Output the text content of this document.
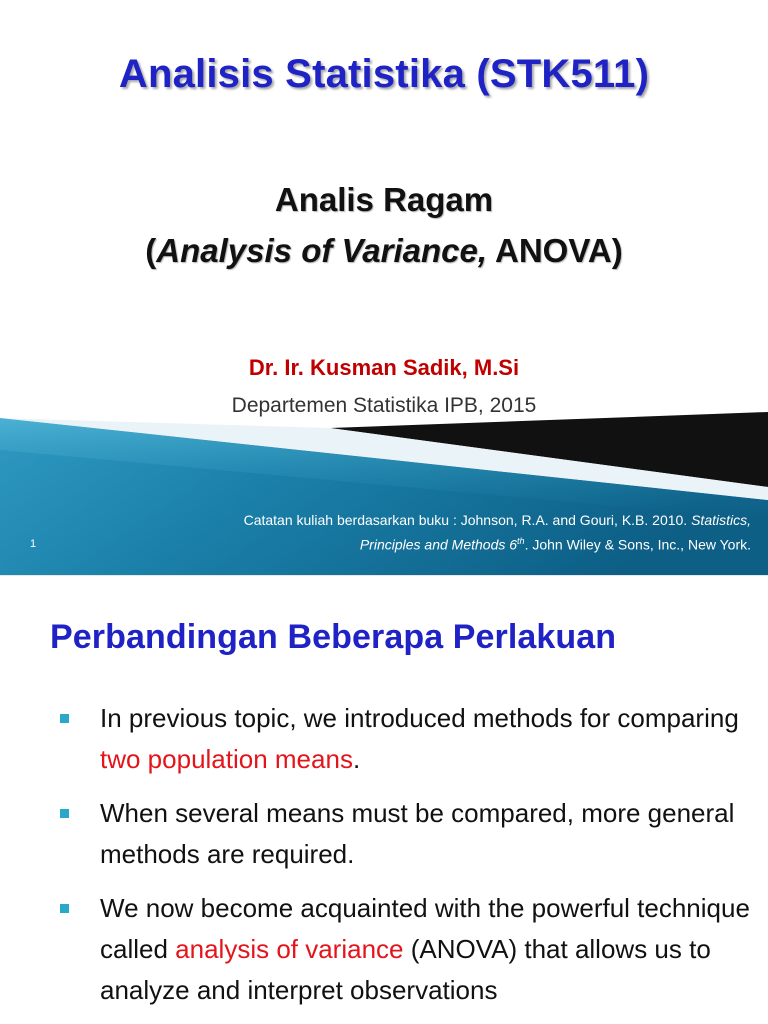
Analisis Statistika (STK511)
Analis Ragam
(Analysis of Variance, ANOVA)
Dr. Ir. Kusman Sadik, M.Si
Departemen Statistika IPB, 2015
1
Catatan kuliah berdasarkan buku : Johnson, R.A. and Gouri, K.B. 2010. Statistics,
Principles and Methods 6th. John Wiley & Sons, Inc., New York.
Perbandingan Beberapa Perlakuan
In previous topic, we introduced methods for comparing two population means.
When several means must be compared, more general methods are required.
We now become acquainted with the powerful technique called analysis of variance (ANOVA) that allows us to analyze and interpret observations
